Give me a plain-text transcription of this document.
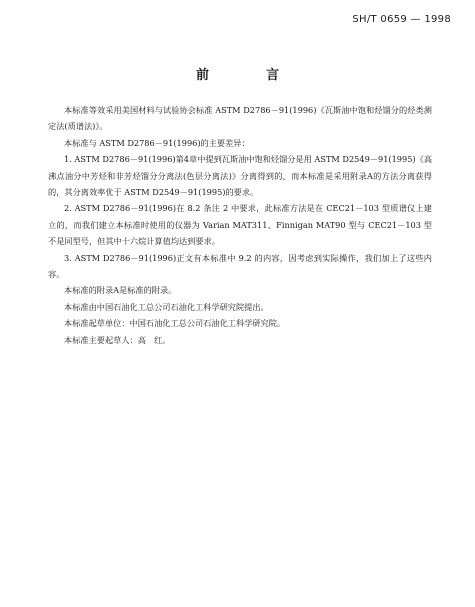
SH/T 0659 — 1998
前　言

本标准等效采用美国材料与试验协会标准 ASTM D2786－91(1996)《瓦斯油中饱和烃馏分的烃类测定法(质谱法)》。

本标准与 ASTM D2786－91(1996)的主要差异：

1. ASTM D2786－91(1996)第4章中提到瓦斯油中饱和烃馏分是用 ASTM D2549－91(1995)《高沸点油分中芳烃和非芳烃馏分分离法(色层分离法)》分离得到的，而本标准是采用附录A的方法分离获得的，其分离效率优于 ASTM D2549－91(1995)的要求。

2. ASTM D2786－91(1996)在 8.2 条注 2 中要求，此标准方法是在 CEC21－103 型质谱仪上建立的，而我们建立本标准时使用的仪器为 Varian MAT311、Finnigan MAT90 型与 CEC21－103 型不是同型号，但其中十六烷计算值均达到要求。

3. ASTM D2786－91(1996)正文有本标准中 9.2 的内容，因考虑到实际操作，我们加上了这些内容。

本标准的附录A是标准的附录。

本标准由中国石油化工总公司石油化工科学研究院提出。

本标准起草单位：中国石油化工总公司石油化工科学研究院。

本标准主要起草人：高　红。
